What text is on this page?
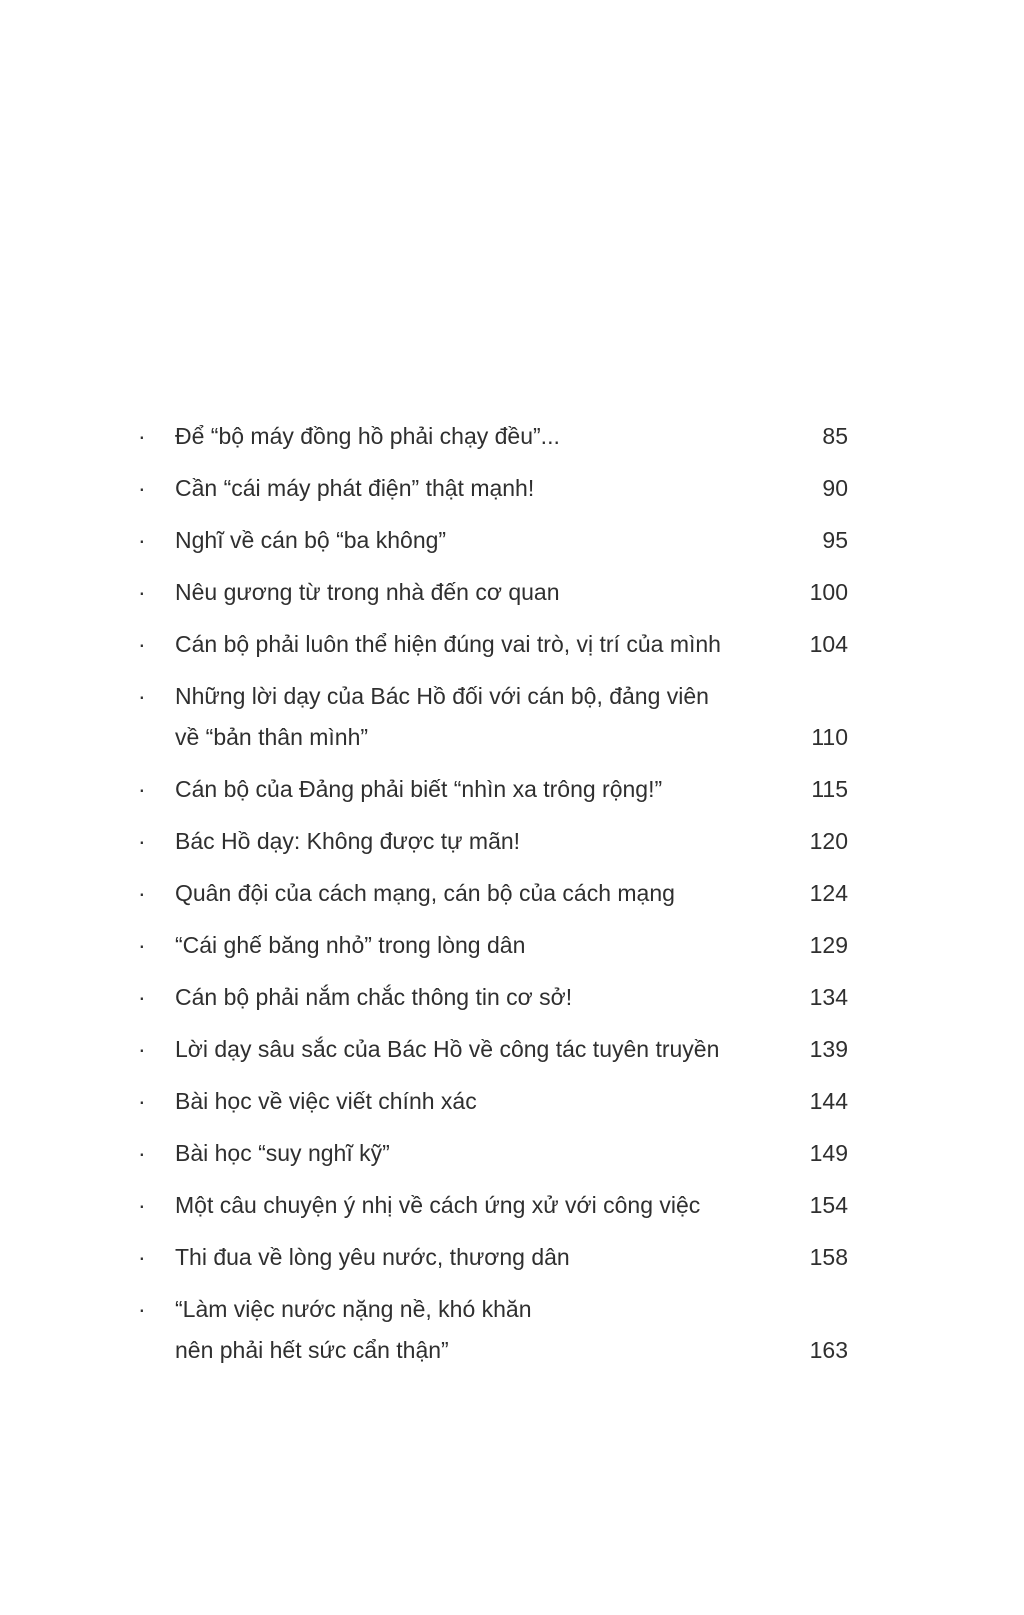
·	Để “bộ máy đồng hồ phải chạy đều”...	85
·	Cần “cái máy phát điện” thật mạnh!	90
·	Nghĩ về cán bộ “ba không”	95
·	Nêu gương từ trong nhà đến cơ quan	100
·	Cán bộ phải luôn thể hiện đúng vai trò, vị trí của mình	104
·	Những lời dạy của Bác Hồ đối với cán bộ, đảng viên
về “bản thân mình”	110
·	Cán bộ của Đảng phải biết “nhìn xa trông rộng!”	115
·	Bác Hồ dạy: Không được tự mãn!	120
·	Quân đội của cách mạng, cán bộ của cách mạng	124
·	“Cái ghế băng nhỏ” trong lòng dân	129
·	Cán bộ phải nắm chắc thông tin cơ sở!	134
·	Lời dạy sâu sắc của Bác Hồ về công tác tuyên truyền	139
·	Bài học về việc viết chính xác	144
·	Bài học “suy nghĩ kỹ”	149
·	Một câu chuyện ý nhị về cách ứng xử với công việc	154
·	Thi đua về lòng yêu nước, thương dân	158
·	“Làm việc nước nặng nề, khó khăn
nên phải hết sức cẩn thận”	163
